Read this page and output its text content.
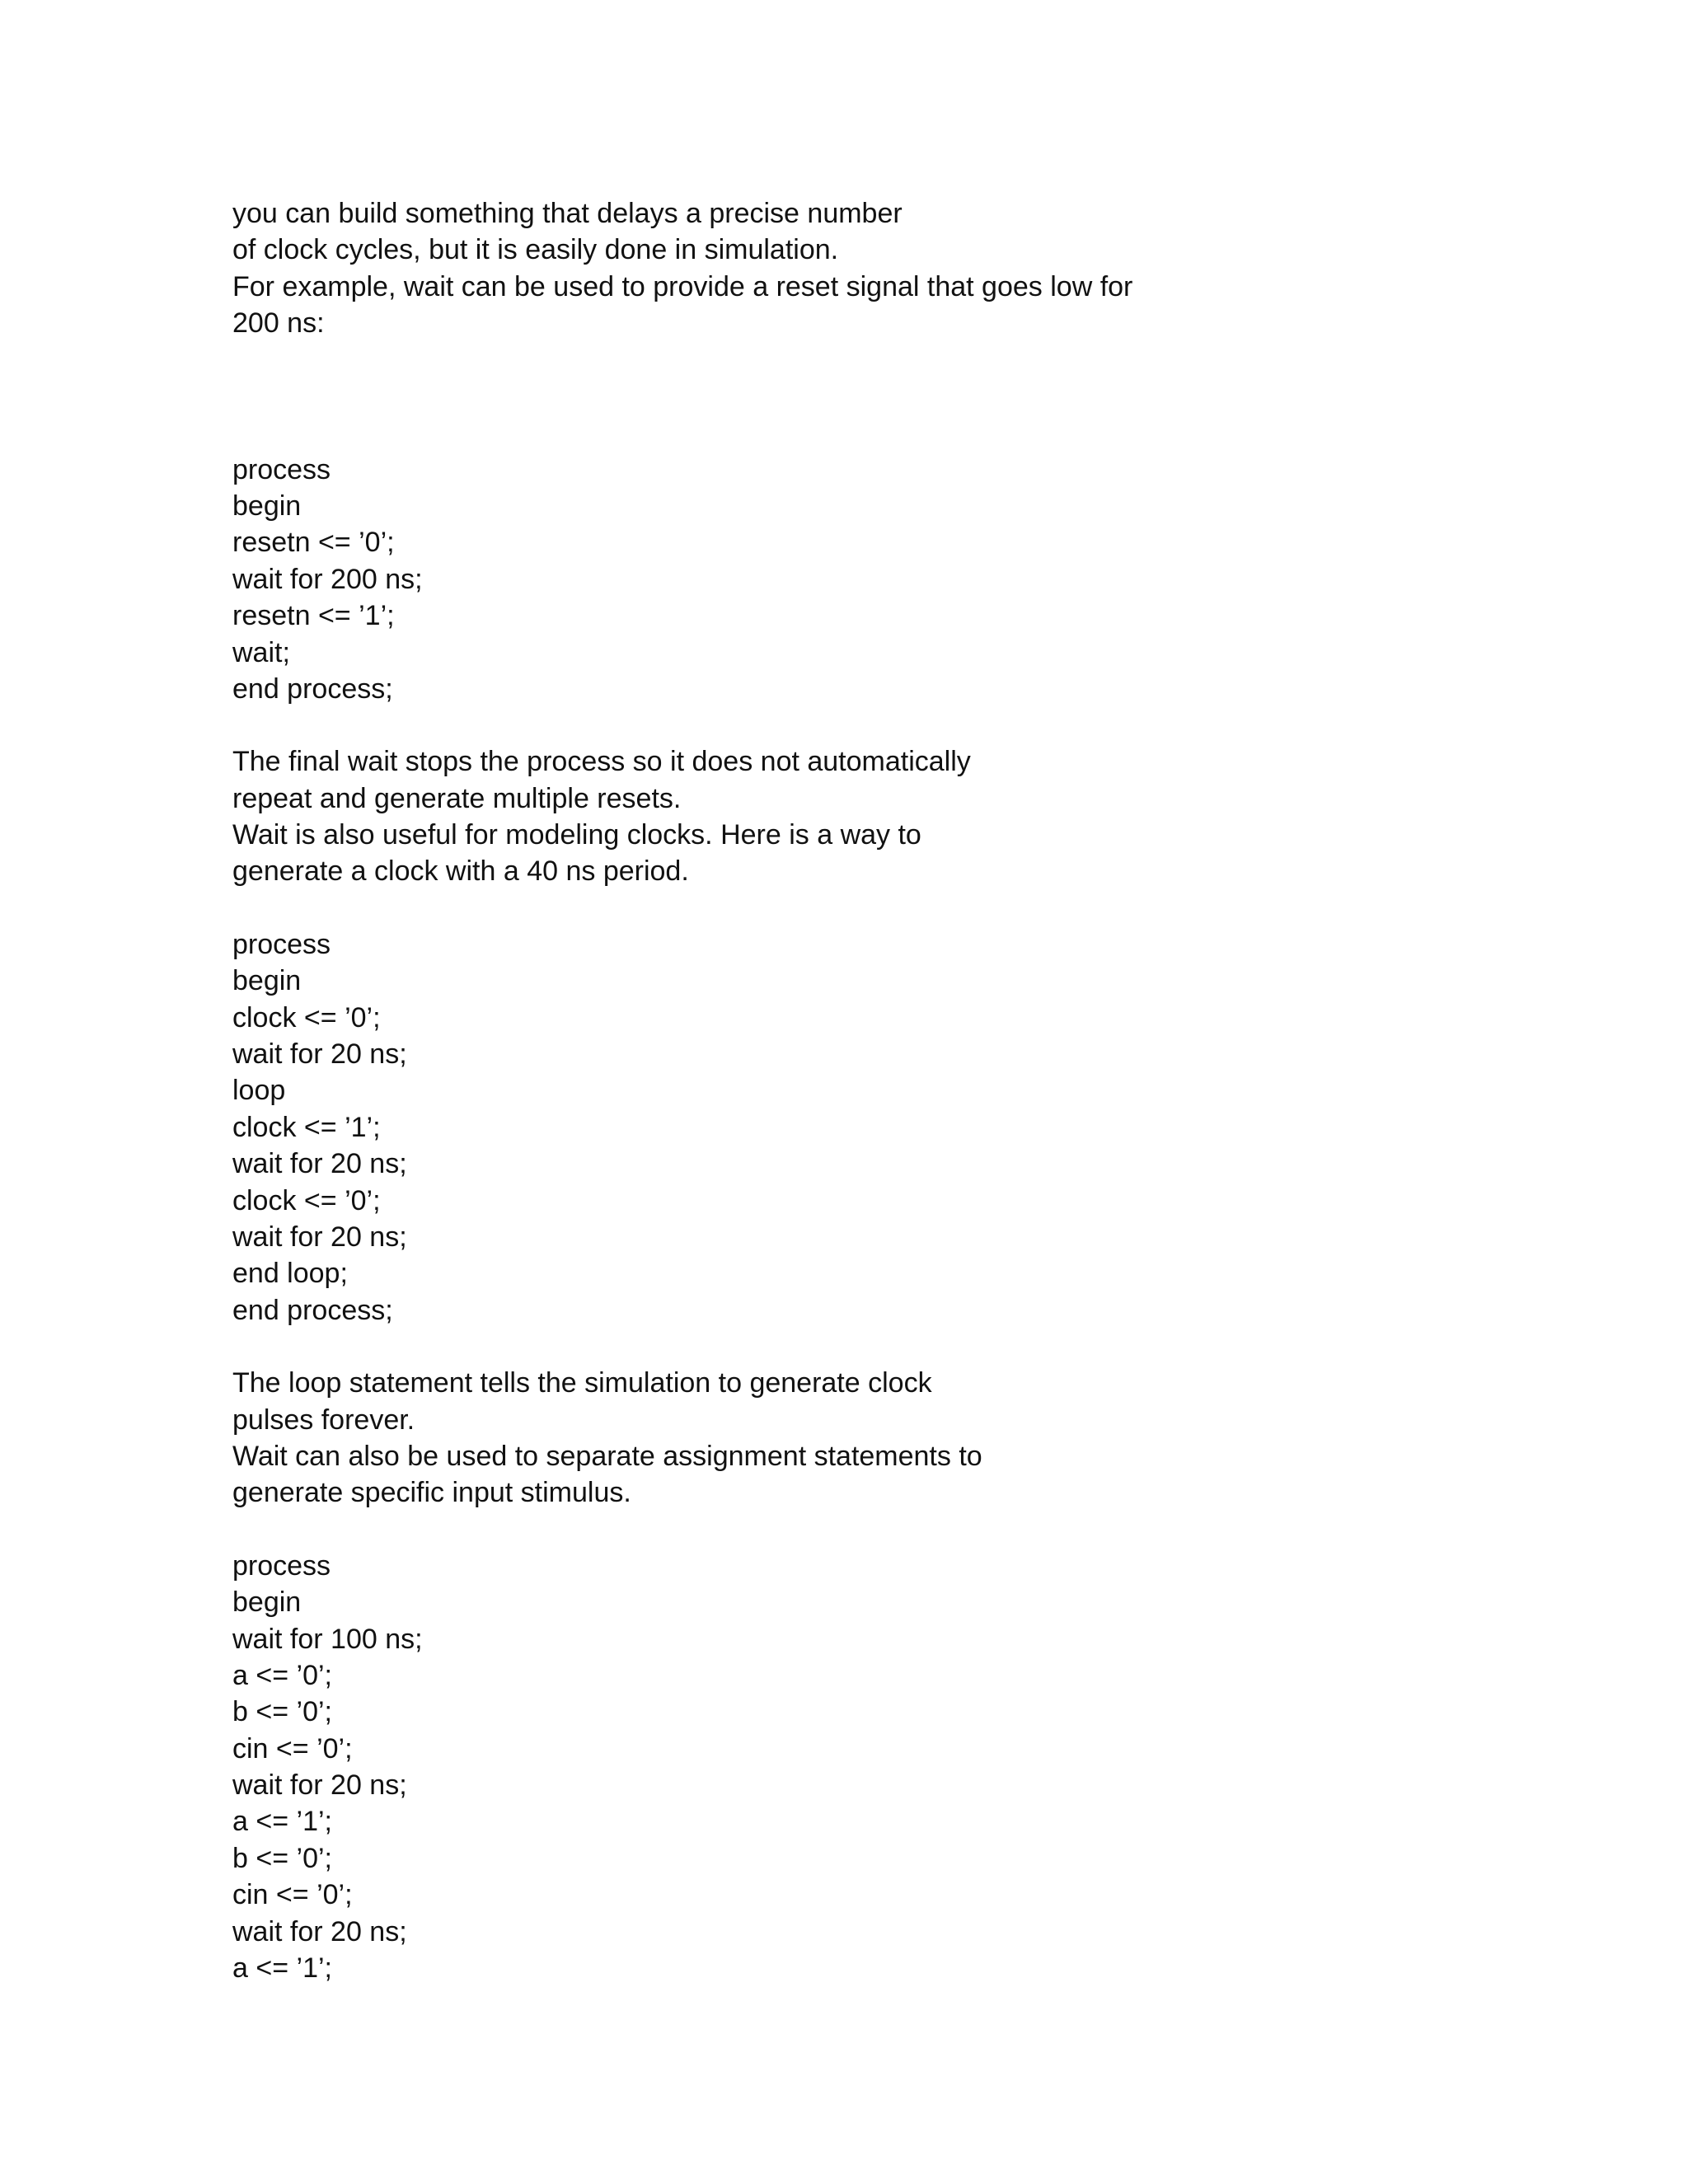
you can build something that delays a precise number
of clock cycles, but it is easily done in simulation.
For example, wait can be used to provide a reset signal that goes low for
200 ns:
process
begin
resetn <= ’0’;
wait for 200 ns;
resetn <= ’1’;
wait;
end process;
The final wait stops the process so it does not automatically
repeat and generate multiple resets.
Wait is also useful for modeling clocks. Here is a way to
generate a clock with a 40 ns period.
process
begin
clock <= ’0’;
wait for 20 ns;
loop
clock <= ’1’;
wait for 20 ns;
clock <= ’0’;
wait for 20 ns;
end loop;
end process;
The loop statement tells the simulation to generate clock
pulses forever.
Wait can also be used to separate assignment statements to
generate specific input stimulus.
process
begin
wait for 100 ns;
a <= ’0’;
b <= ’0’;
cin <= ’0’;
wait for 20 ns;
a <= ’1’;
b <= ’0’;
cin <= ’0’;
wait for 20 ns;
a <= ’1’;
